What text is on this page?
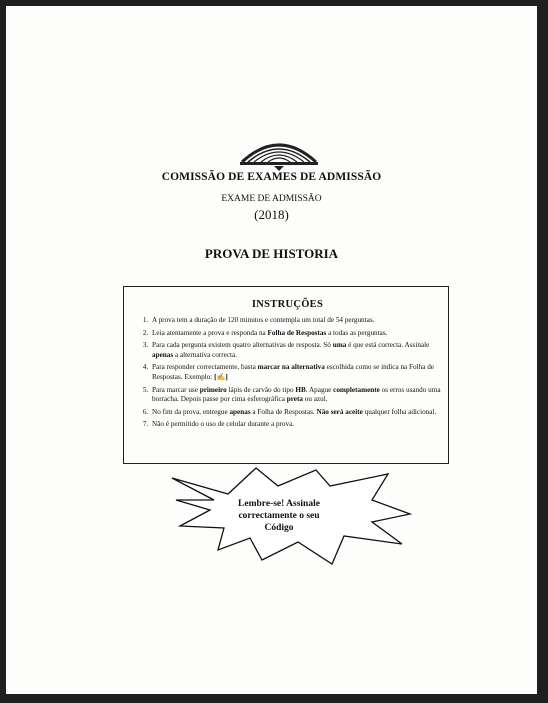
COMISSÃO DE EXAMES DE ADMISSÃO
EXAME DE ADMISSÃO
(2018)
PROVA DE HISTORIA
INSTRUÇÕES
1. A prova tem a duração de 120 minutos e contempla um total de 54 perguntas.
2. Leia atentamente a prova e responda na Folha de Respostas a todas as perguntas.
3. Para cada pergunta existem quatro alternativas de resposta. Só uma é que está correcta. Assinale apenas a alternativa correcta.
4. Para responder correctamente, basta marcar na alternativa escolhida como se indica na Folha de Respostas. Exemplo: [✍]
5. Para marcar use primeiro lápis de carvão do tipo HB. Apague completamente os erros usando uma borracha. Depois passe por cima esferográfica preta ou azul.
6. No fim da prova, entregue apenas a Folha de Respostas. Não será aceite qualquer folha adicional.
7. Não é permitido o uso de celular durante a prova.
Lembre-se! Assinale
correctamente o seu
Código
